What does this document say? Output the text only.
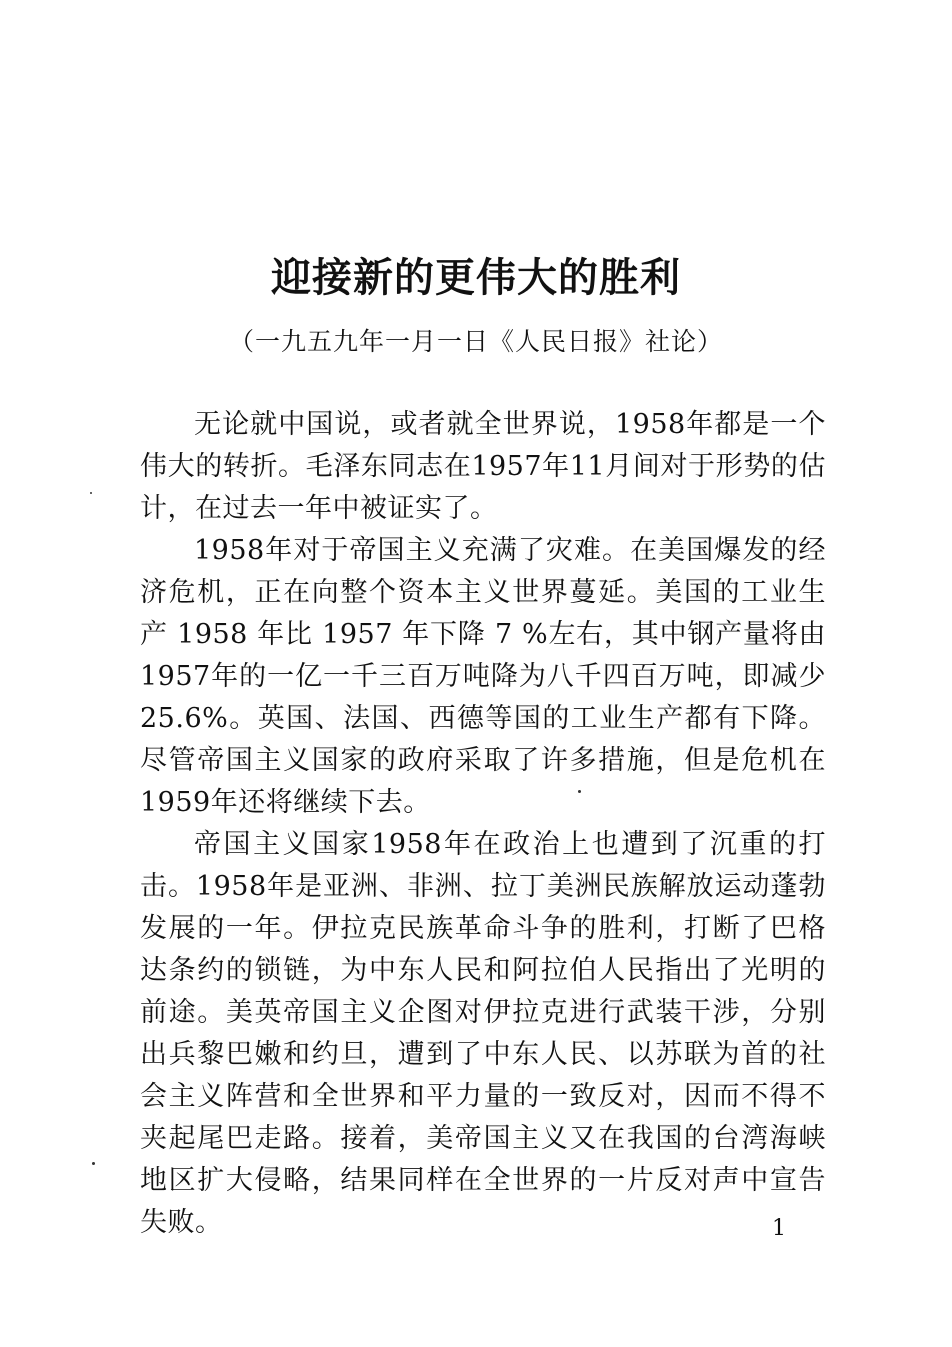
迎接新的更伟大的胜利
（一九五九年一月一日《人民日报》社论）

无论就中国说，或者就全世界说，1958年都是一个伟大的转折。毛泽东同志在1957年11月间对于形势的估计，在过去一年中被证实了。

1958年对于帝国主义充满了灾难。在美国爆发的经济危机，正在向整个资本主义世界蔓延。美国的工业生产 1958 年比 1957 年下降 7 %左右，其中钢产量将由1957年的一亿一千三百万吨降为八千四百万吨，即减少25.6%。英国、法国、西德等国的工业生产都有下降。尽管帝国主义国家的政府采取了许多措施，但是危机在1959年还将继续下去。

帝国主义国家1958年在政治上也遭到了沉重的打击。1958年是亚洲、非洲、拉丁美洲民族解放运动蓬勃发展的一年。伊拉克民族革命斗争的胜利，打断了巴格达条约的锁链，为中东人民和阿拉伯人民指出了光明的前途。美英帝国主义企图对伊拉克进行武装干涉，分别出兵黎巴嫩和约旦，遭到了中东人民、以苏联为首的社会主义阵营和全世界和平力量的一致反对，因而不得不夹起尾巴走路。接着，美帝国主义又在我国的台湾海峡地区扩大侵略，结果同样在全世界的一片反对声中宣告失败。	1
